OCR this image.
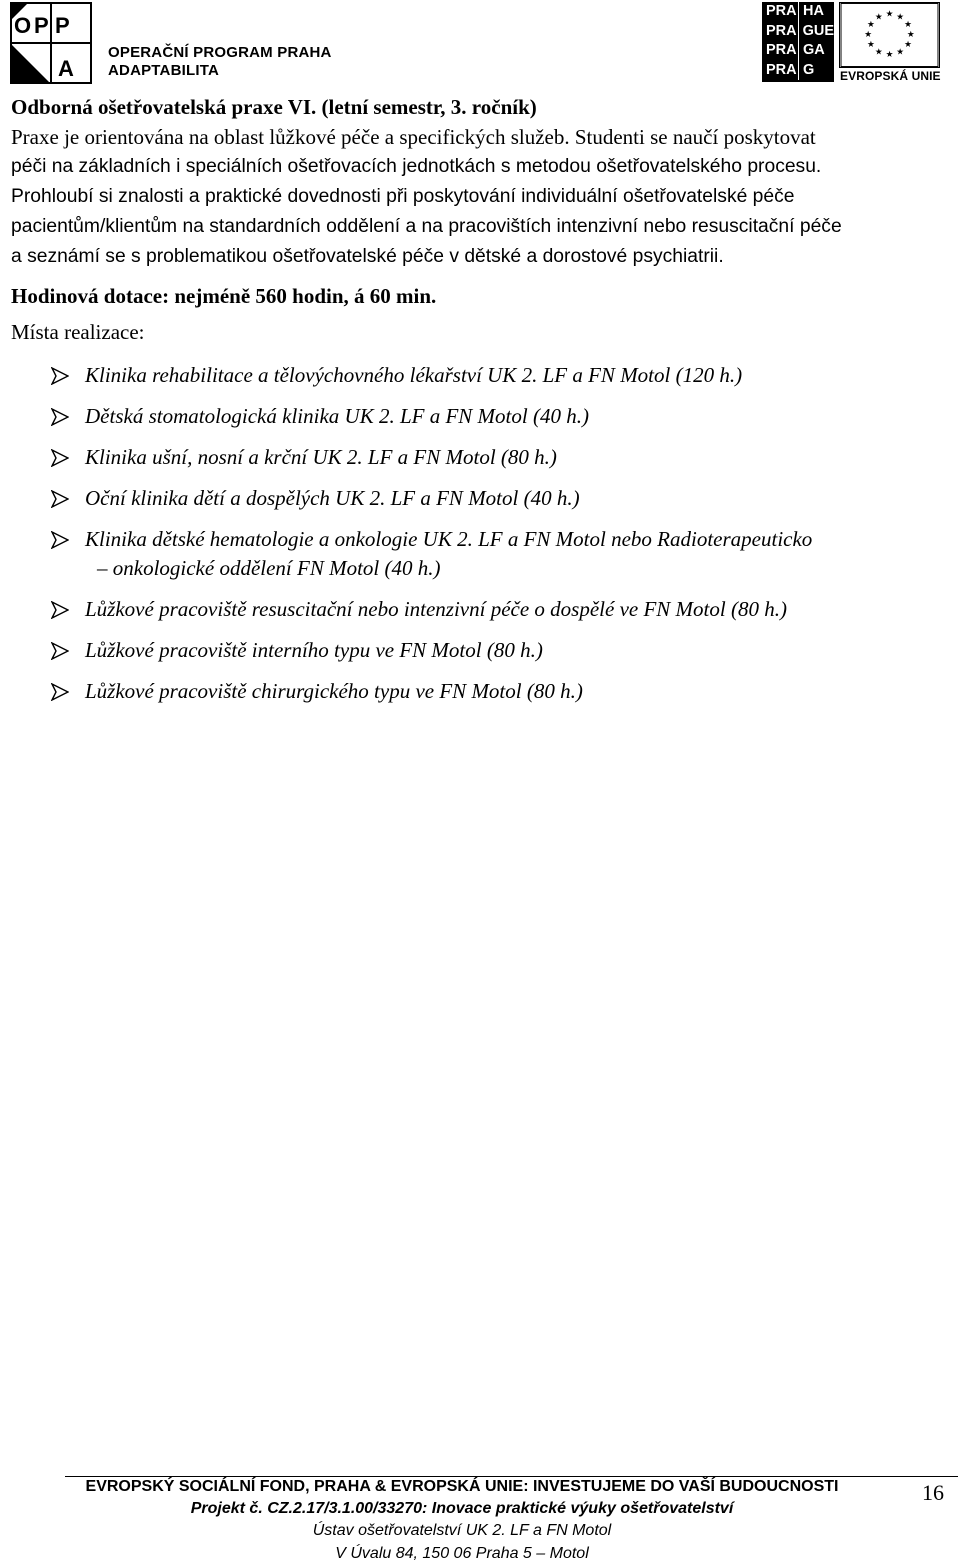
O P P
A
OPERAČNÍ PROGRAM PRAHA
ADAPTABILITA
PRA HA
PRA GUE
PRA GA
PRA G
★ ★
★
★
★
★
★
★
★
★
★
★
EVROPSKÁ UNIE
Odborná ošetřovatelská praxe VI. (letní semestr, 3. ročník)
Praxe je orientována na oblast lůžkové péče a specifických služeb. Studenti se naučí poskytovat
péči na základních i speciálních ošetřovacích jednotkách s metodou ošetřovatelského procesu.
Prohloubí si znalosti a praktické dovednosti při poskytování individuální ošetřovatelské péče
pacientům/klientům na standardních oddělení a na pracovištích intenzivní nebo resuscitační péče
a seznámí se s problematikou ošetřovatelské péče v dětské a dorostové psychiatrii.
Hodinová dotace: nejméně 560 hodin, á 60 min.
Místa realizace:
Klinika rehabilitace a tělovýchovného lékařství UK 2. LF a FN Motol (120 h.)
Dětská stomatologická klinika UK 2. LF a FN Motol (40 h.)
Klinika ušní, nosní a krční UK 2. LF a FN Motol (80 h.)
Oční klinika dětí a dospělých UK 2. LF a FN Motol (40 h.)
Klinika dětské hematologie a onkologie UK 2. LF a FN Motol nebo Radioterapeuticko
– onkologické oddělení FN Motol (40 h.)
Lůžkové pracoviště resuscitační nebo intenzivní péče o dospělé ve FN Motol (80 h.)
Lůžkové pracoviště interního typu ve FN Motol (80 h.)
Lůžkové pracoviště chirurgického typu ve FN Motol (80 h.)
EVROPSKÝ SOCIÁLNÍ FOND, PRAHA & EVROPSKÁ UNIE: INVESTUJEME DO VAŠÍ BUDOUCNOSTI
Projekt č. CZ.2.17/3.1.00/33270: Inovace praktické výuky ošetřovatelství
Ústav ošetřovatelství UK 2. LF a FN Motol
V Úvalu 84, 150 06 Praha 5 – Motol
16
